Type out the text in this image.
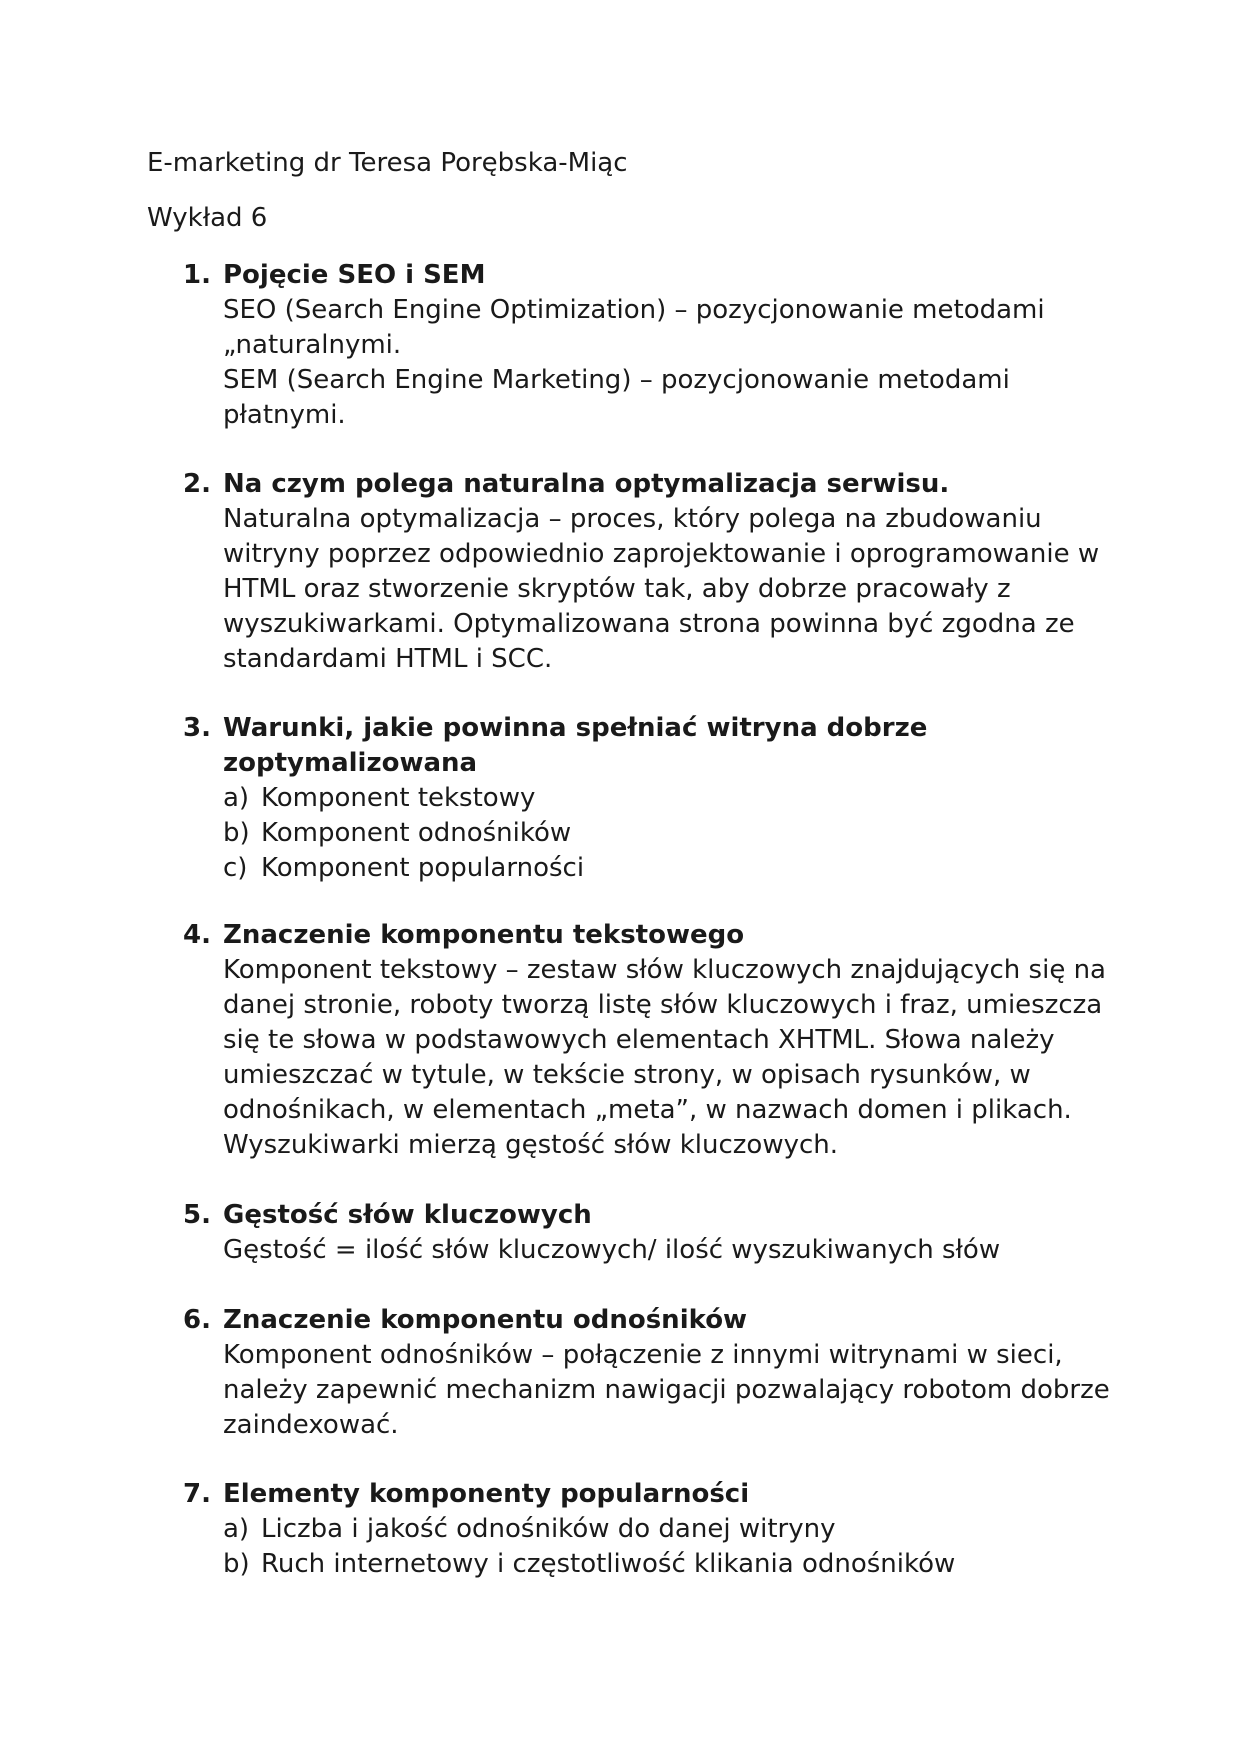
E-marketing dr Teresa Porębska-Miąc
Wykład 6
1. Pojęcie SEO i SEM
SEO (Search Engine Optimization) – pozycjonowanie metodami
„naturalnymi.
SEM (Search Engine Marketing) – pozycjonowanie metodami
płatnymi.
2. Na czym polega naturalna optymalizacja serwisu.
Naturalna optymalizacja – proces, który polega na zbudowaniu
witryny poprzez odpowiednio zaprojektowanie i oprogramowanie w
HTML oraz stworzenie skryptów tak, aby dobrze pracowały z
wyszukiwarkami. Optymalizowana strona powinna być zgodna ze
standardami HTML i SCC.
3. Warunki, jakie powinna spełniać witryna dobrze
zoptymalizowana
a) Komponent tekstowy
b) Komponent odnośników
c) Komponent popularności
4. Znaczenie komponentu tekstowego
Komponent tekstowy – zestaw słów kluczowych znajdujących się na
danej stronie, roboty tworzą listę słów kluczowych i fraz, umieszcza
się te słowa w podstawowych elementach XHTML. Słowa należy
umieszczać w tytule, w tekście strony, w opisach rysunków, w
odnośnikach, w elementach „meta”, w nazwach domen i plikach.
Wyszukiwarki mierzą gęstość słów kluczowych.
5. Gęstość słów kluczowych
Gęstość = ilość słów kluczowych/ ilość wyszukiwanych słów
6. Znaczenie komponentu odnośników
Komponent odnośników – połączenie z innymi witrynami w sieci,
należy zapewnić mechanizm nawigacji pozwalający robotom dobrze
zaindexować.
7. Elementy komponenty popularności
a) Liczba i jakość odnośników do danej witryny
b) Ruch internetowy i częstotliwość klikania odnośników
